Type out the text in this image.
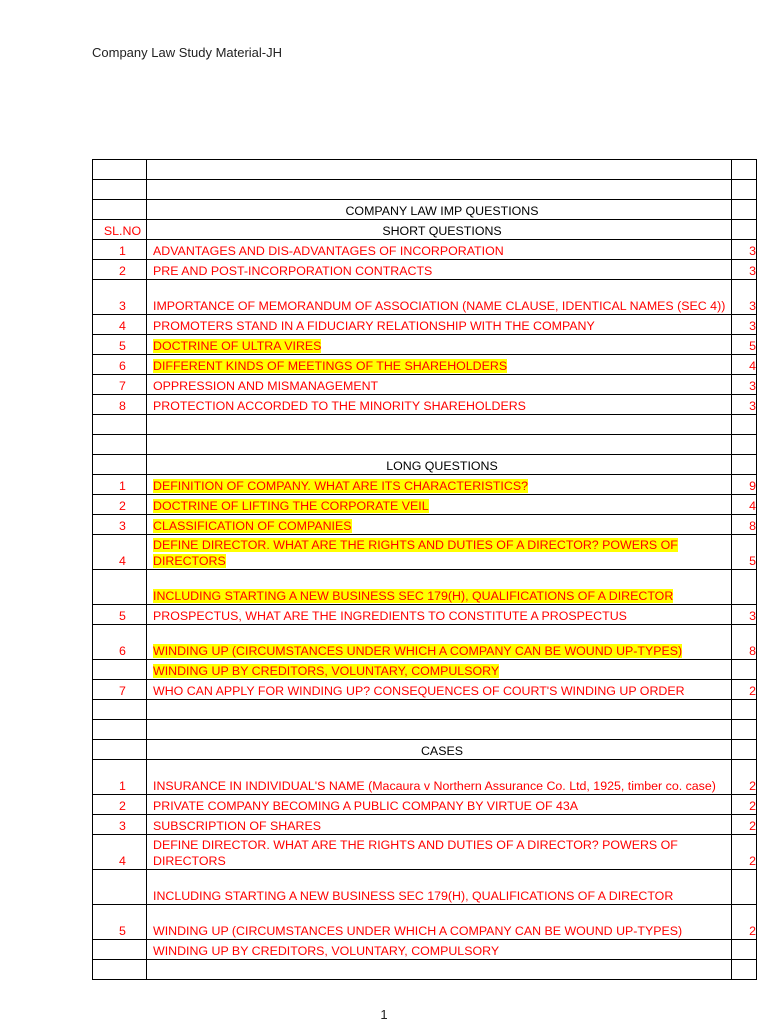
Company Law Study Material-JH

	COMPANY LAW IMP QUESTIONS	
SL.NO	SHORT QUESTIONS	
1	ADVANTAGES AND DIS-ADVANTAGES OF INCORPORATION	3
2	PRE AND POST-INCORPORATION CONTRACTS	3
3	IMPORTANCE OF MEMORANDUM OF ASSOCIATION (NAME CLAUSE, IDENTICAL NAMES (SEC 4))	3
4	PROMOTERS STAND IN A FIDUCIARY RELATIONSHIP WITH THE COMPANY	3
5	DOCTRINE OF ULTRA VIRES	5
6	DIFFERENT KINDS OF MEETINGS OF THE SHAREHOLDERS	4
7	OPPRESSION AND MISMANAGEMENT	3
8	PROTECTION ACCORDED TO THE MINORITY SHAREHOLDERS	3

	LONG QUESTIONS	
1	DEFINITION OF COMPANY. WHAT ARE ITS CHARACTERISTICS?	9
2	DOCTRINE OF LIFTING THE CORPORATE VEIL	4
3	CLASSIFICATION OF COMPANIES	8
4	DEFINE DIRECTOR. WHAT ARE THE RIGHTS AND DUTIES OF A DIRECTOR? POWERS OF DIRECTORS	5
	INCLUDING STARTING A NEW BUSINESS SEC 179(H), QUALIFICATIONS OF A DIRECTOR	
5	PROSPECTUS, WHAT ARE THE INGREDIENTS TO CONSTITUTE A PROSPECTUS	3
6	WINDING UP (CIRCUMSTANCES UNDER WHICH A COMPANY CAN BE WOUND UP-TYPES)	8
	WINDING UP BY CREDITORS, VOLUNTARY, COMPULSORY	
7	WHO CAN APPLY FOR WINDING UP? CONSEQUENCES OF COURT'S WINDING UP ORDER	2

	CASES	
1	INSURANCE IN INDIVIDUAL'S NAME (Macaura v Northern Assurance Co. Ltd, 1925, timber co. case)	2
2	PRIVATE COMPANY BECOMING A PUBLIC COMPANY BY VIRTUE OF 43A	2
3	SUBSCRIPTION OF SHARES	2
4	DEFINE DIRECTOR. WHAT ARE THE RIGHTS AND DUTIES OF A DIRECTOR? POWERS OF DIRECTORS	2
	INCLUDING STARTING A NEW BUSINESS SEC 179(H), QUALIFICATIONS OF A DIRECTOR	
5	WINDING UP (CIRCUMSTANCES UNDER WHICH A COMPANY CAN BE WOUND UP-TYPES)	2
	WINDING UP BY CREDITORS, VOLUNTARY, COMPULSORY	

1
